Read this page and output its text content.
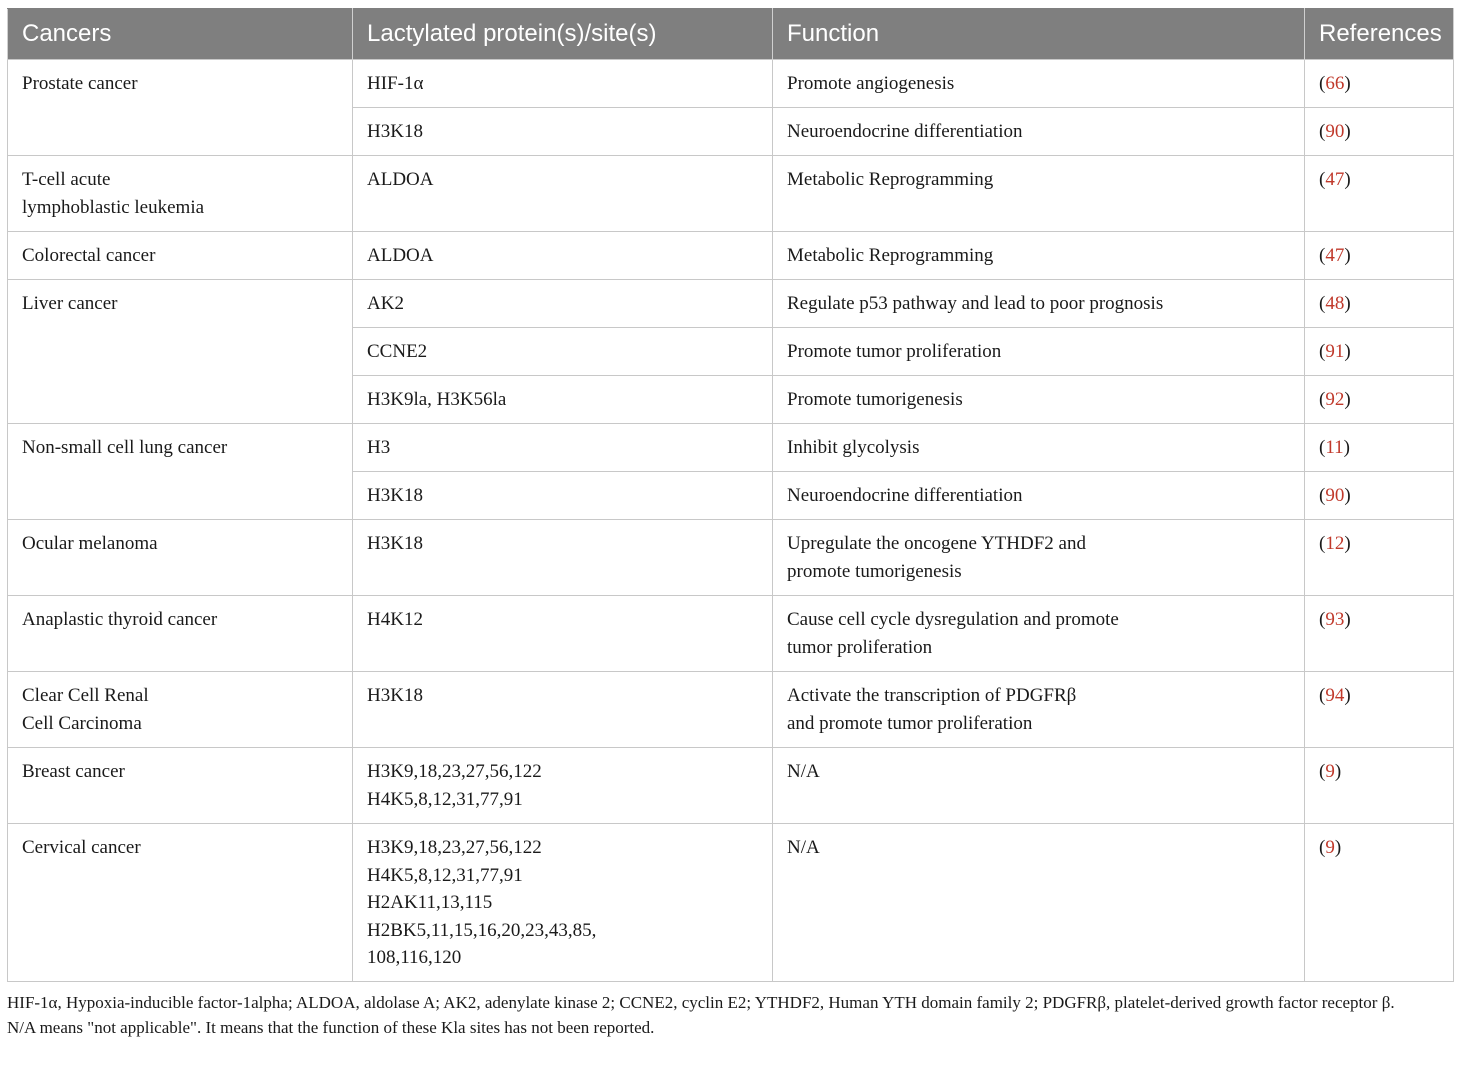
Cancers	Lactylated protein(s)/site(s)	Function	References
Prostate cancer	HIF-1α	Promote angiogenesis	(66)
	H3K18	Neuroendocrine differentiation	(90)
T-cell acute
lymphoblastic leukemia	ALDOA	Metabolic Reprogramming	(47)
Colorectal cancer	ALDOA	Metabolic Reprogramming	(47)
Liver cancer	AK2	Regulate p53 pathway and lead to poor prognosis	(48)
	CCNE2	Promote tumor proliferation	(91)
	H3K9la, H3K56la	Promote tumorigenesis	(92)
Non-small cell lung cancer	H3	Inhibit glycolysis	(11)
	H3K18	Neuroendocrine differentiation	(90)
Ocular melanoma	H3K18	Upregulate the oncogene YTHDF2 and
promote tumorigenesis	(12)
Anaplastic thyroid cancer	H4K12	Cause cell cycle dysregulation and promote
tumor proliferation	(93)
Clear Cell Renal
Cell Carcinoma	H3K18	Activate the transcription of PDGFRβ
and promote tumor proliferation	(94)
Breast cancer	H3K9,18,23,27,56,122
H4K5,8,12,31,77,91	N/A	(9)
Cervical cancer	H3K9,18,23,27,56,122
H4K5,8,12,31,77,91
H2AK11,13,115
H2BK5,11,15,16,20,23,43,85,
108,116,120	N/A	(9)

HIF-1α, Hypoxia-inducible factor-1alpha; ALDOA, aldolase A; AK2, adenylate kinase 2; CCNE2, cyclin E2; YTHDF2, Human YTH domain family 2; PDGFRβ, platelet-derived growth factor receptor β.

N/A means "not applicable". It means that the function of these Kla sites has not been reported.
